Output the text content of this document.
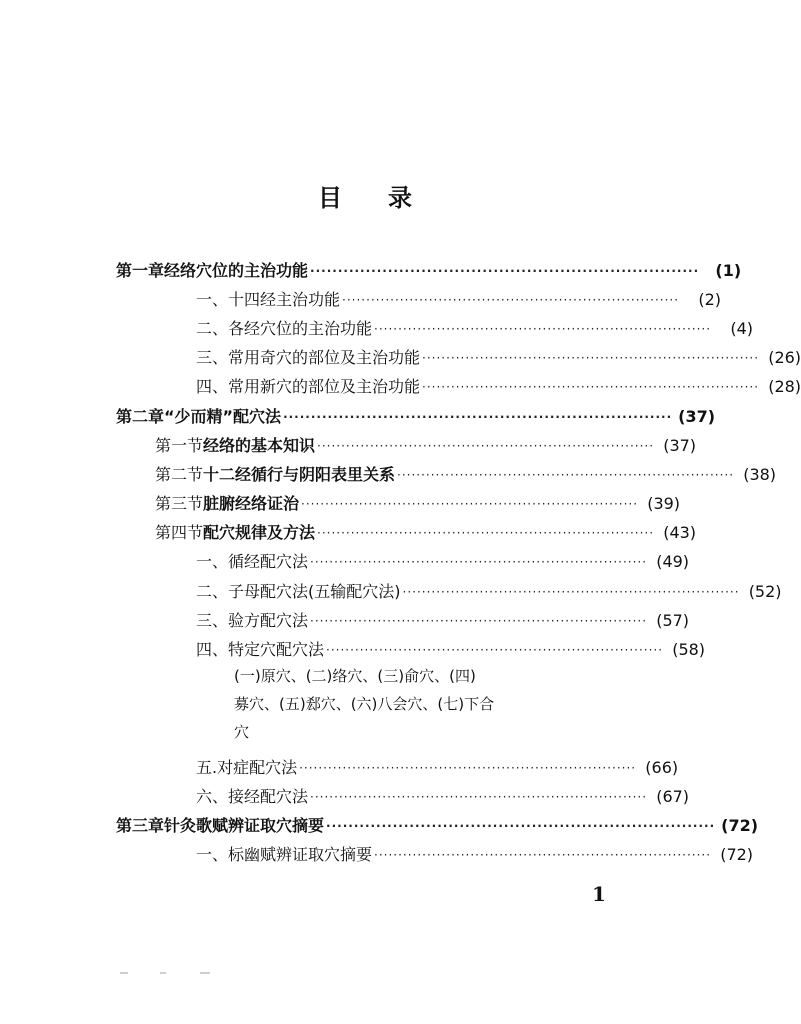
目 录
第一章 经络穴位的主治功能 ······································································	(1)
一、 十四经主治功能 ······································································	(2)
二、 各经穴位的主治功能 ······································································	(4)
三、 常用奇穴的部位及主治功能 ······································································ (26)
四、 常用新穴的部位及主治功能 ······································································ (28)
第二章 “少而精”配穴法 ······································································ (37)
第一节 经络的基本知识 ······································································ (37)
第二节 十二经循行与阴阳表里关系 ······································································ (38)
第三节 脏腑经络证治 ······································································ (39)
第四节 配穴规律及方法 ······································································ (43)
一、 循经配穴法 ······································································ (49)
二、 子母配穴法(五输配穴法) ······································································ (52)
三、 验方配穴法 ······································································ (57)
四、 特定穴配穴法 ······································································ (58)
(一)原穴、(二)络穴、(三)俞穴、(四)
募穴、(五)郄穴、(六)八会穴、(七)下合
穴
五. 对症配穴法 ······································································ (66)
六、 接经配穴法 ······································································ (67)
第三章 针灸歌赋辨证取穴摘要 ······································································ (72)
一、 标幽赋辨证取穴摘要 ······································································ (72)
1
